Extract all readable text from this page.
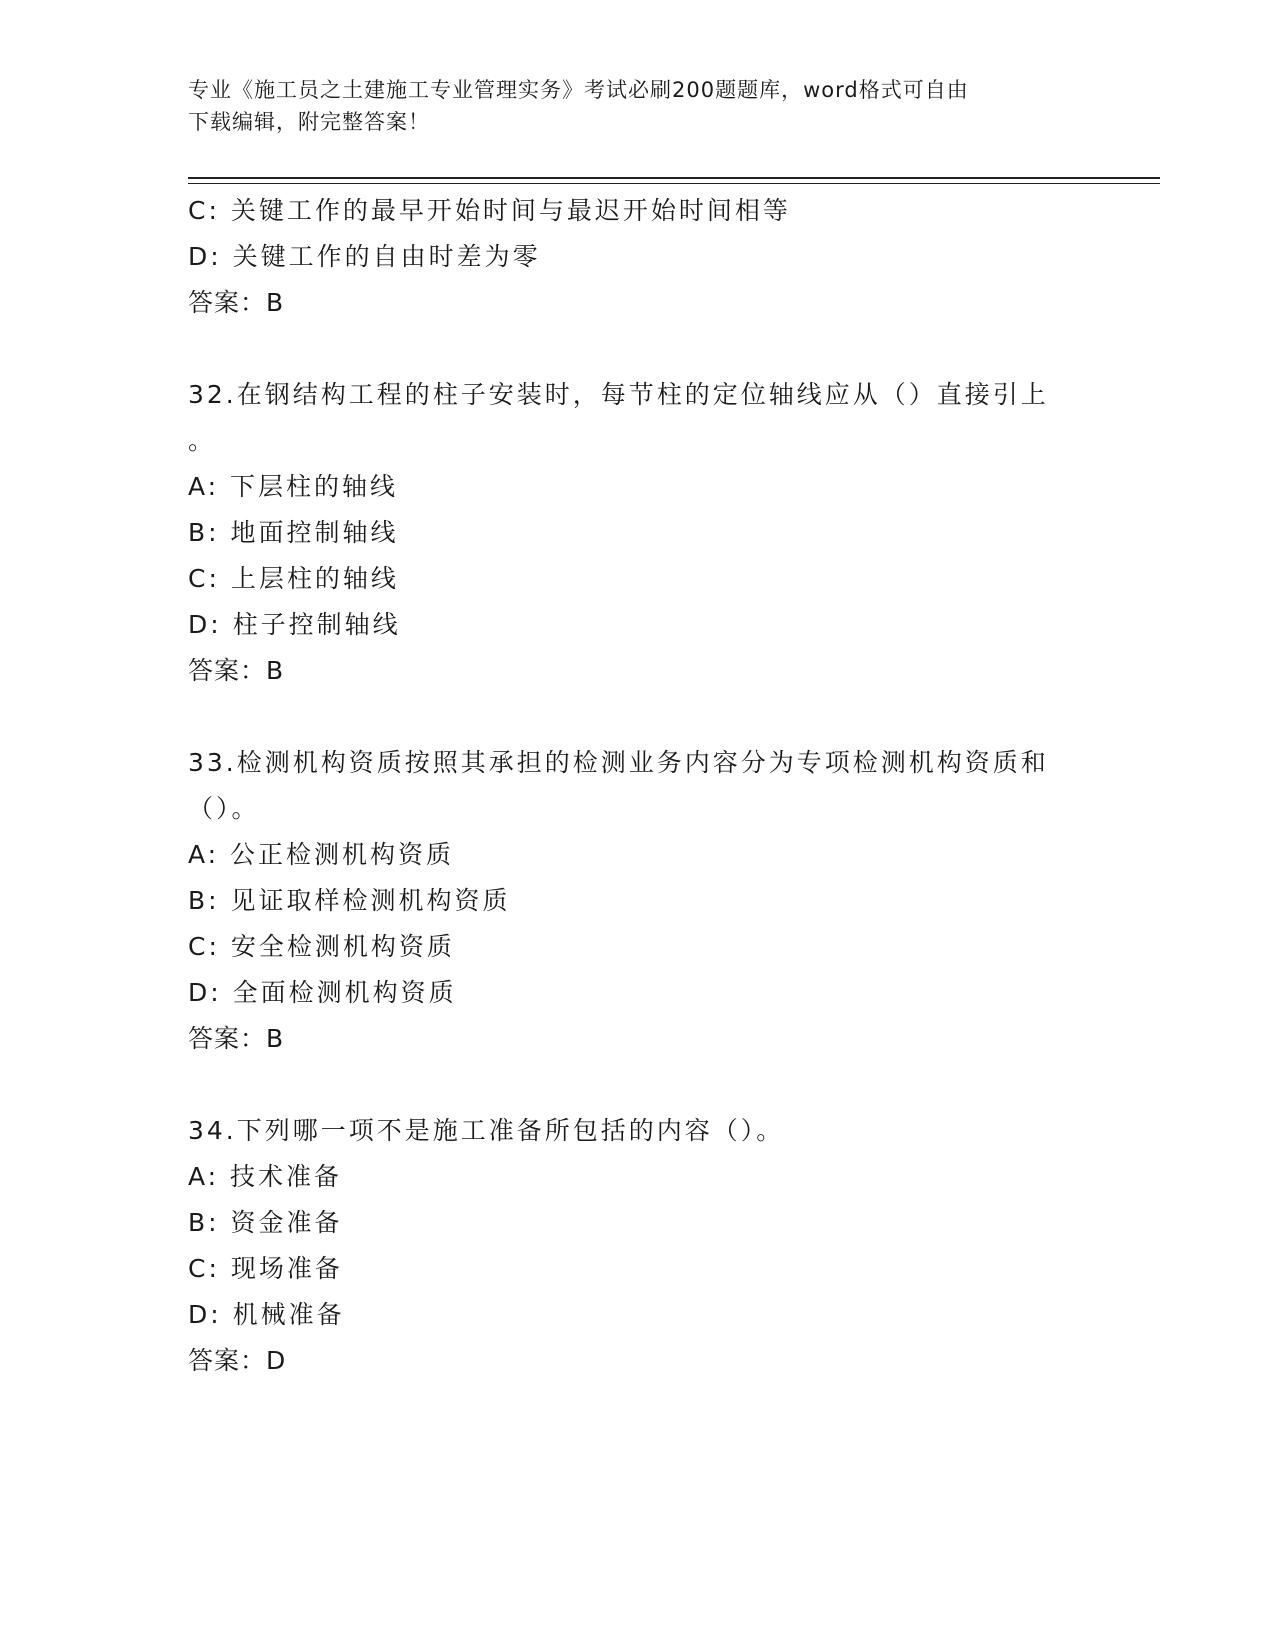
专业《施工员之土建施工专业管理实务》考试必刷200题题库，word格式可自由
下载编辑，附完整答案！
C: 关键工作的最早开始时间与最迟开始时间相等
D: 关键工作的自由时差为零
答案：B
32.在钢结构工程的柱子安装时，每节柱的定位轴线应从（）直接引上
。
A: 下层柱的轴线
B: 地面控制轴线
C: 上层柱的轴线
D: 柱子控制轴线
答案：B
33.检测机构资质按照其承担的检测业务内容分为专项检测机构资质和
（）。
A: 公正检测机构资质
B: 见证取样检测机构资质
C: 安全检测机构资质
D: 全面检测机构资质
答案：B
34.下列哪一项不是施工准备所包括的内容（）。
A: 技术准备
B: 资金准备
C: 现场准备
D: 机械准备
答案：D
